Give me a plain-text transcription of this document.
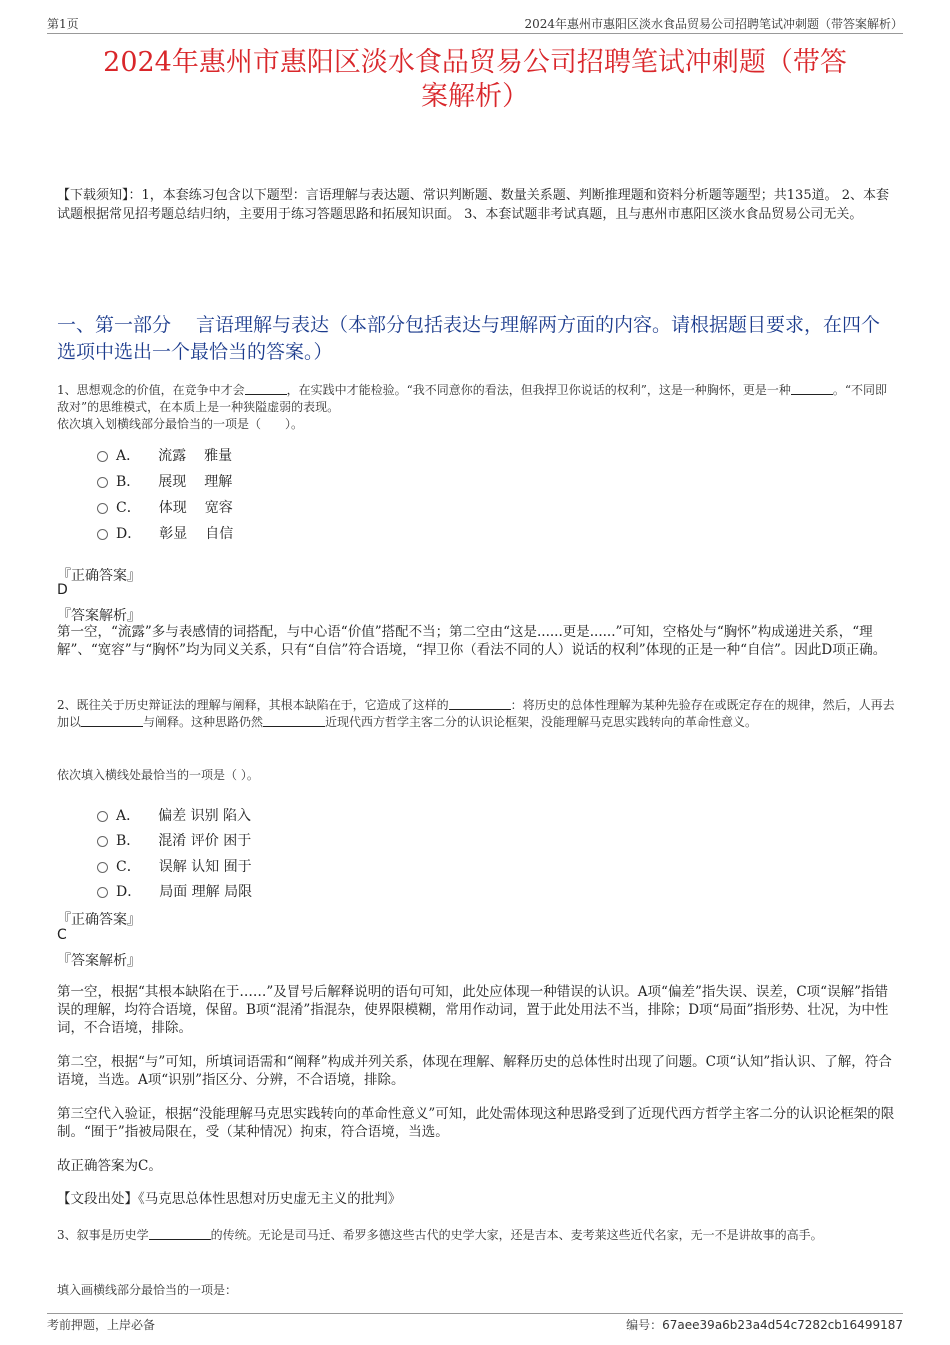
第1页	2024年惠州市惠阳区淡水食品贸易公司招聘笔试冲刺题（带答案解析）
2024年惠州市惠阳区淡水食品贸易公司招聘笔试冲刺题（带答
案解析）
【下载须知】：1，本套练习包含以下题型：言语理解与表达题、常识判断题、数量关系题、判断推理题和资料分析题等题型；共135道。 2、本套试题根据常见招考题总结归纳，主要用于练习答题思路和拓展知识面。 3、本套试题非考试真题，且与惠州市惠阳区淡水食品贸易公司无关。
一、第一部分　 言语理解与表达（本部分包括表达与理解两方面的内容。请根据题目要求，在四个选项中选出一个最恰当的答案。）
1、思想观念的价值，在竞争中才会	，在实践中才能检验。“我不同意你的看法，但我捍卫你说话的权利”，这是一种胸怀，更是一种	。“不同即敌对”的思维模式，在本质上是一种狭隘虚弱的表现。
依次填入划横线部分最恰当的一项是（　　）。
A． 流露 雅量
B． 展现 理解
C． 体现 宽容
D． 彰显 自信
『正确答案』
D
『答案解析』
第一空，“流露”多与表感情的词搭配，与中心语“价值”搭配不当；第二空由“这是......更是......”可知，空格处与“胸怀”构成递进关系，“理解”、“宽容”与“胸怀”均为同义关系，只有“自信”符合语境，“捍卫你（看法不同的人）说话的权利”体现的正是一种“自信”。因此D项正确。
2、既往关于历史辩证法的理解与阐释，其根本缺陷在于，它造成了这样的	：将历史的总体性理解为某种先验存在或既定存在的规律，然后，人再去加以	与阐释。这种思路仍然	近现代西方哲学主客二分的认识论框架，没能理解马克思实践转向的革命性意义。
依次填入横线处最恰当的一项是（ ）。
A． 偏差 识别 陷入
B． 混淆 评价 困于
C． 误解 认知 囿于
D． 局面 理解 局限
『正确答案』
C
『答案解析』
第一空，根据“其根本缺陷在于……”及冒号后解释说明的语句可知，此处应体现一种错误的认识。A项“偏差”指失误、误差，C项“误解”指错误的理解，均符合语境，保留。B项“混淆”指混杂，使界限模糊，常用作动词，置于此处用法不当，排除；D项“局面”指形势、壮况，为中性词，不合语境，排除。
第二空，根据“与”可知，所填词语需和“阐释”构成并列关系，体现在理解、解释历史的总体性时出现了问题。C项“认知”指认识、了解，符合语境，当选。A项“识别”指区分、分辨，不合语境，排除。
第三空代入验证，根据“没能理解马克思实践转向的革命性意义”可知，此处需体现这种思路受到了近现代西方哲学主客二分的认识论框架的限制。“囿于”指被局限在，受（某种情况）拘束，符合语境，当选。
故正确答案为C。
【文段出处】《马克思总体性思想对历史虚无主义的批判》
3、叙事是历史学	的传统。无论是司马迁、希罗多德这些古代的史学大家，还是吉本、麦考莱这些近代名家，无一不是讲故事的高手。
填入画横线部分最恰当的一项是：
考前押题，上岸必备	编号：67aee39a6b23a4d54c7282cb16499187
